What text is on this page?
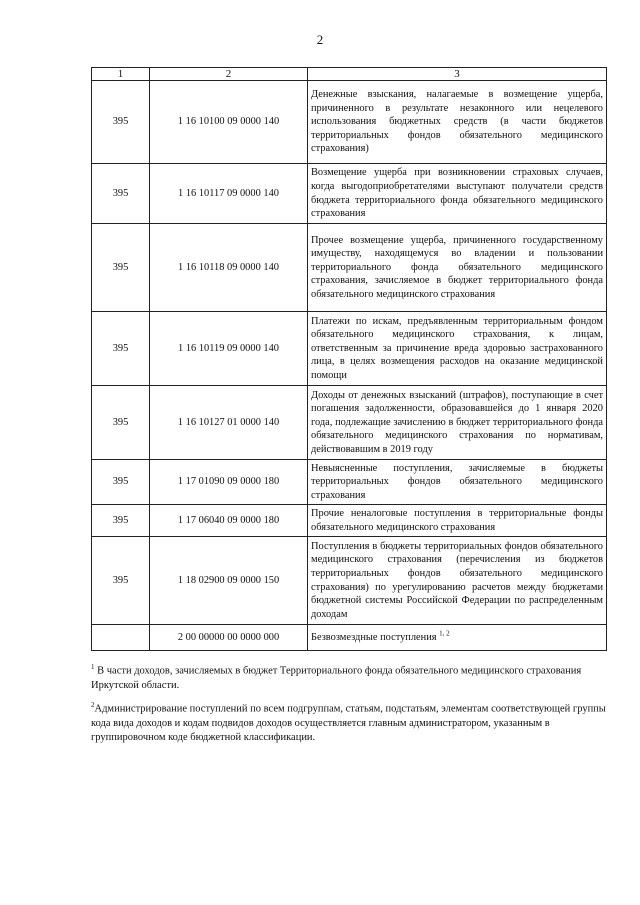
2
1	2	3
395	1 16 10100 09 0000 140	Денежные взыскания, налагаемые в возмещение ущерба, причиненного в результате незаконного или нецелевого использования бюджетных средств (в части бюджетов территориальных фондов обязательного медицинского страхования)
395	1 16 10117 09 0000 140	Возмещение ущерба при возникновении страховых случаев, когда выгодоприобретателями выступают получатели средств бюджета территориального фонда обязательного медицинского страхования
395	1 16 10118 09 0000 140	Прочее возмещение ущерба, причиненного государственному имуществу, находящемуся во владении и пользовании территориального фонда обязательного медицинского страхования, зачисляемое в бюджет территориального фонда обязательного медицинского страхования
395	1 16 10119 09 0000 140	Платежи по искам, предъявленным территориальным фондом обязательного медицинского страхования, к лицам, ответственным за причинение вреда здоровью застрахованного лица, в целях возмещения расходов на оказание медицинской помощи
395	1 16 10127 01 0000 140	Доходы от денежных взысканий (штрафов), поступающие в счет погашения задолженности, образовавшейся до 1 января 2020 года, подлежащие зачислению в бюджет территориального фонда обязательного медицинского страхования по нормативам, действовавшим в 2019 году
395	1 17 01090 09 0000 180	Невыясненные поступления, зачисляемые в бюджеты территориальных фондов обязательного медицинского страхования
395	1 17 06040 09 0000 180	Прочие неналоговые поступления в территориальные фонды обязательного медицинского страхования
395	1 18 02900 09 0000 150	Поступления в бюджеты территориальных фондов обязательного медицинского страхования (перечисления из бюджетов территориальных фондов обязательного медицинского страхования) по урегулированию расчетов между бюджетами бюджетной системы Российской Федерации по распределенным доходам
	2 00 00000 00 0000 000	Безвозмездные поступления $^{1, 2}$

$^1$ В части доходов, зачисляемых в бюджет Территориального фонда обязательного медицинского страхования Иркутской области.

$^2$Администрирование поступлений по всем подгруппам, статьям, подстатьям, элементам соответствующей группы кода вида доходов и кодам подвидов доходов осуществляется главным администратором, указанным в группировочном коде бюджетной классификации.
